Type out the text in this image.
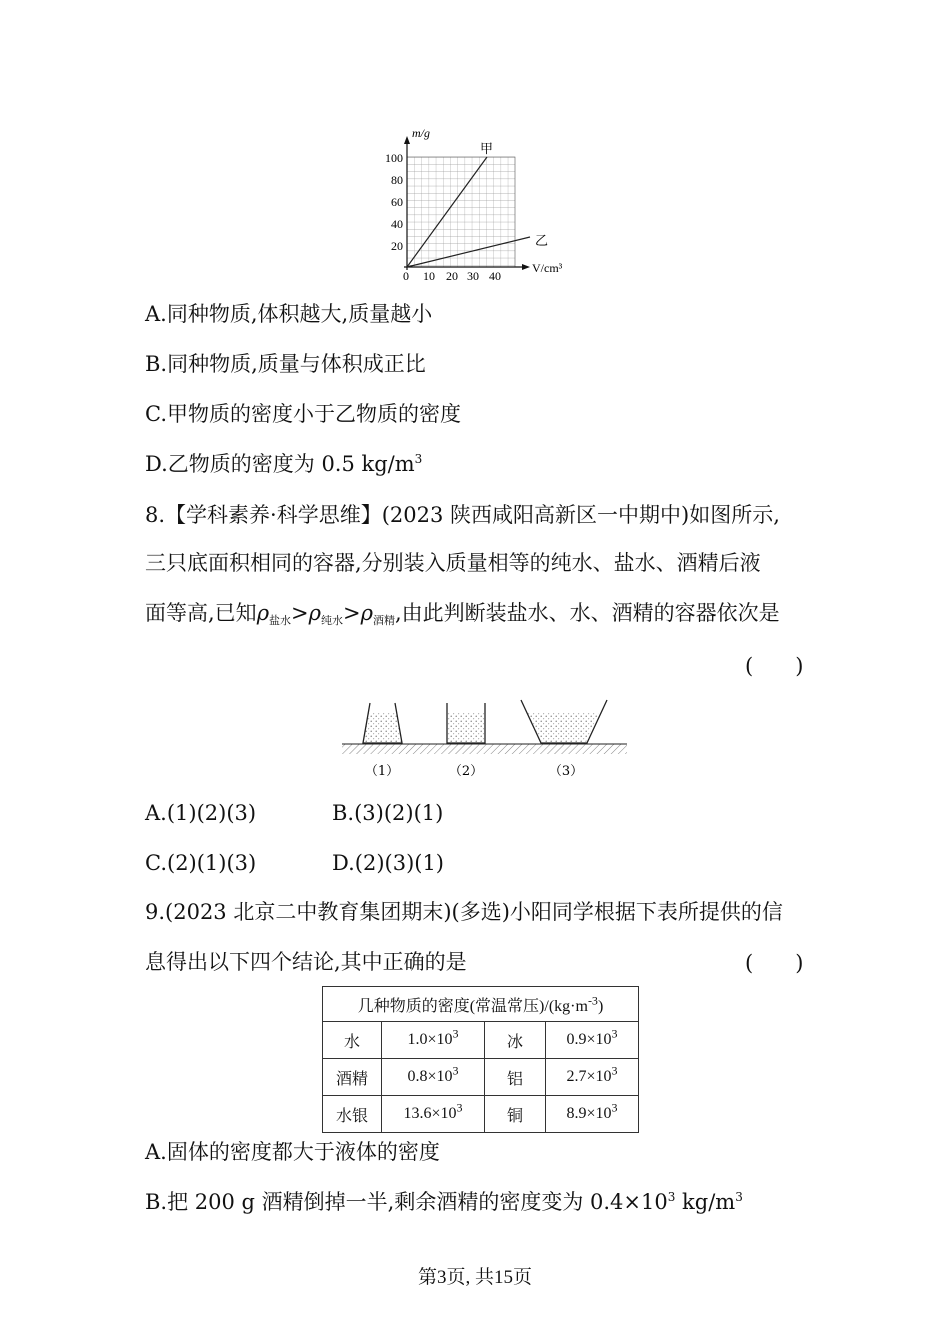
m/g
V/cm³
100
80
60
40
20
0 10 20 30 40
甲
乙
A.同种物质,体积越大,质量越小
B.同种物质,质量与体积成正比
C.甲物质的密度小于乙物质的密度
D.乙物质的密度为 0.5 $kg/m^3$
8.【学科素养·科学思维】(2023 陕西咸阳高新区一中期中)如图所示,
三只底面积相同的容器,分别装入质量相等的纯水、盐水、酒精后液
面等高,已知$\rho_{盐水}>\rho_{纯水}>\rho_{酒精}$,由此判断装盐水、水、酒精的容器依次是
(　　)
（1）	（2）	（3）
A.(1)(2)(3)	B.(3)(2)(1)
C.(2)(1)(3)	D.(2)(3)(1)
9.(2023 北京二中教育集团期末)(多选)小阳同学根据下表所提供的信
息得出以下四个结论,其中正确的是	(　　)
几种物质的密度(常温常压)$/(kg\cdot m^{-3})$			
水	$1.0\times 10^3$	冰	$0.9\times 10^3$
酒精	$0.8\times 10^3$	铝	$2.7\times 10^3$
水银	$13.6\times 10^3$	铜	$8.9\times 10^3$
A.固体的密度都大于液体的密度
B.把 200 g 酒精倒掉一半,剩余酒精的密度变为 $0.4\times 10^3$ $kg/m^3$
第3页, 共15页
